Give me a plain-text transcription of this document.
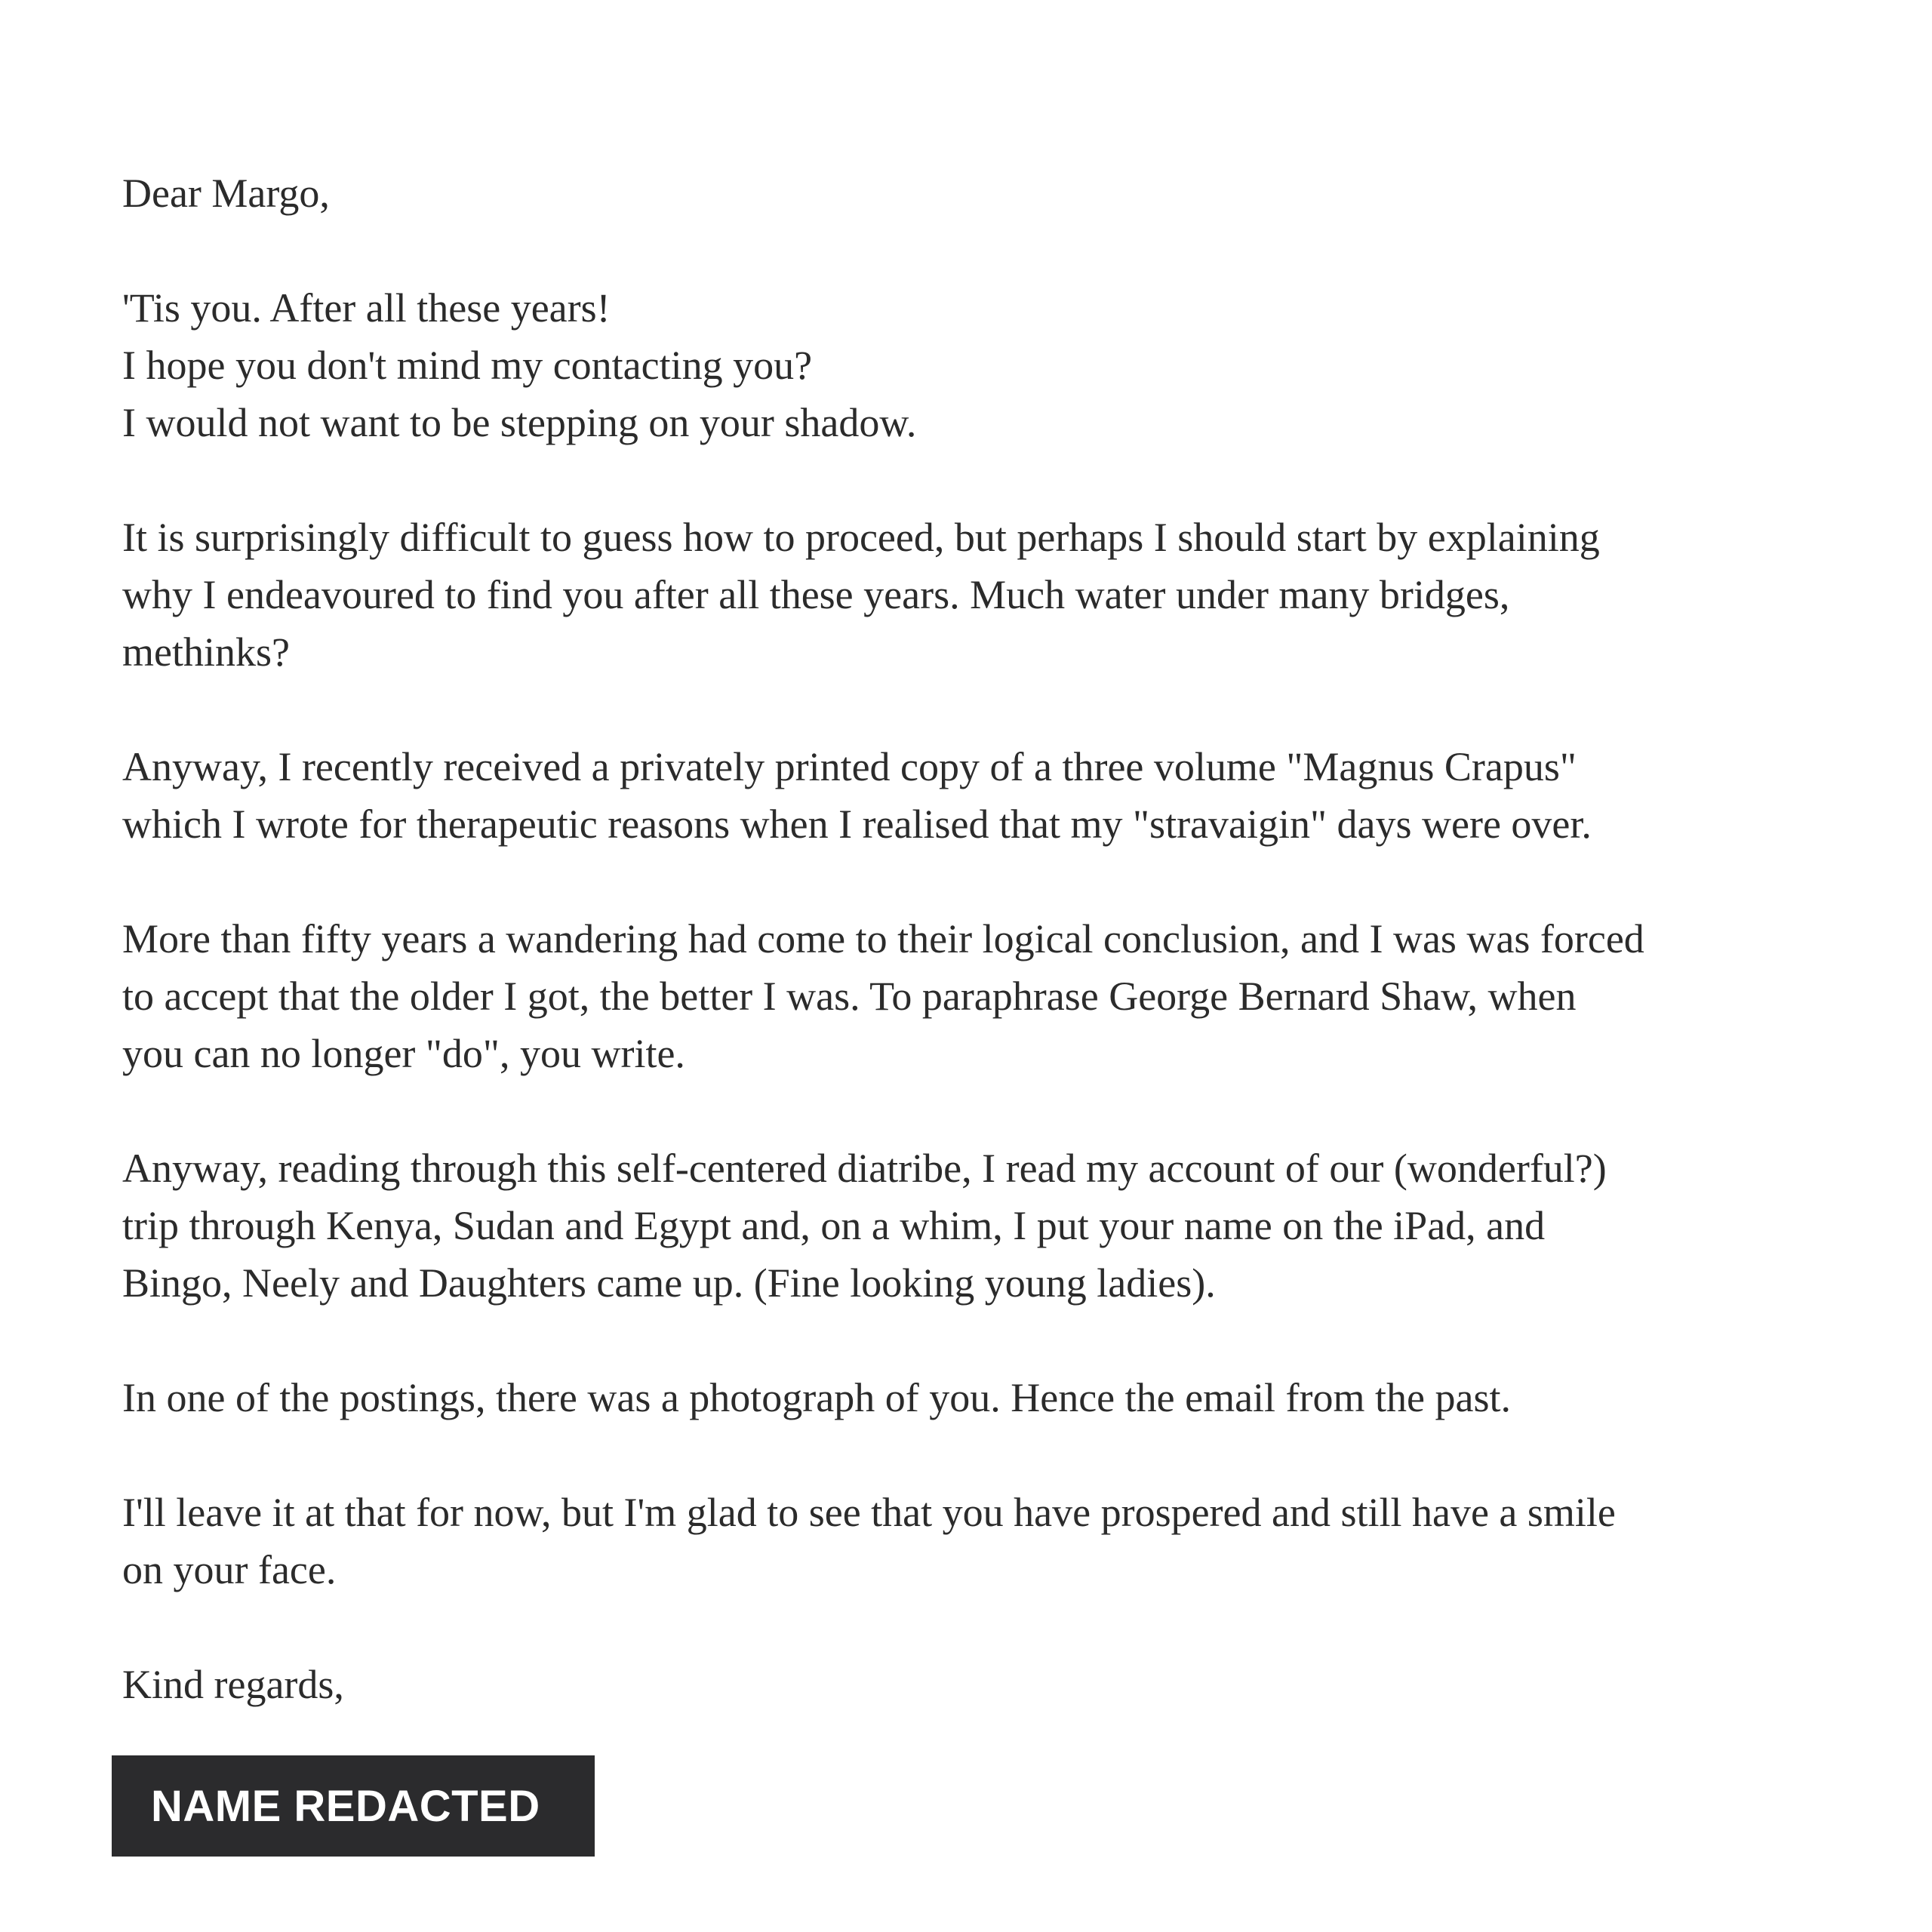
Dear Margo,

'Tis you. After all these years!
I hope you don't mind my contacting you?
I would not want to be stepping on your shadow.

It is surprisingly difficult to guess how to proceed, but perhaps I should start by explaining
why I endeavoured to find you after all these years. Much water under many bridges,
methinks?

Anyway, I recently received a privately printed copy of a three volume "Magnus Crapus"
which I wrote for therapeutic reasons when I realised that my "stravaigin" days were over.

More than fifty years a wandering had come to their logical conclusion, and I was was forced
to accept that the older I got, the better I was. To paraphrase George Bernard Shaw, when
you can no longer "do", you write.

Anyway, reading through this self-centered diatribe, I read my account of our (wonderful?)
trip through Kenya, Sudan and Egypt and, on a whim, I put your name on the iPad, and
Bingo, Neely and Daughters came up. (Fine looking young ladies).

In one of the postings, there was a photograph of you. Hence the email from the past.

I'll leave it at that for now, but I'm glad to see that you have prospered and still have a smile
on your face.

Kind regards,

NAME REDACTED
